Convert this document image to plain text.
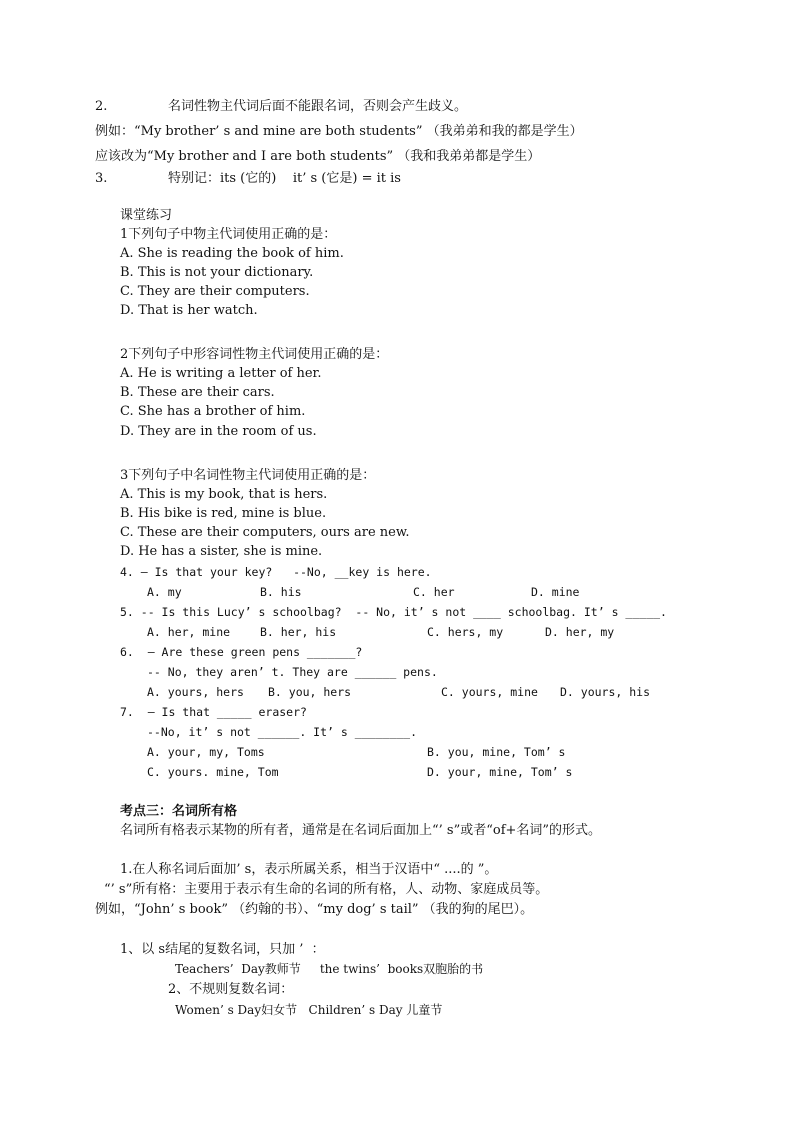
2.	名词性物主代词后面不能跟名词，否则会产生歧义。
例如：“My brother’ s and mine are both students” （我弟弟和我的都是学生）
应该改为“My brother and I are both students” （我和我弟弟都是学生）
3.	特别记：its (它的)    it’ s (它是) = it is
课堂练习
1下列句子中物主代词使用正确的是：
A. She is reading the book of him.
B. This is not your dictionary.
C. They are their computers.
D. That is her watch.
2下列句子中形容词性物主代词使用正确的是：
A. He is writing a letter of her.
B. These are their cars.
C. She has a brother of him.
D. They are in the room of us.
3下列句子中名词性物主代词使用正确的是：
A. This is my book, that is hers.
B. His bike is red, mine is blue.
C. These are their computers, ours are new.
D. He has a sister, she is mine.
4. — Is that your key?   --No, __key is here.
A. my	B. his	C. her	D. mine
5. -- Is this Lucy’ s schoolbag?  -- No, it’ s not ____ schoolbag. It’ s _____.
A. her, mine	B. her, his	C. hers, my	D. her, my
6.  – Are these green pens _______?
-- No, they aren’ t. They are ______ pens.
A. yours, hers B. you, hers	C. yours, mine D. yours, his
7.  – Is that _____ eraser?
--No, it’ s not ______. It’ s ________.
A. your, my, Toms	B. you, mine, Tom’ s
C. yours. mine, Tom	D. your, mine, Tom’ s
考点三：名词所有格
名词所有格表示某物的所有者，通常是在名词后面加上“’ s”或者“of+名词”的形式。
1.在人称名词后面加’ s，表示所属关系，相当于汉语中“ ....的 ”。
“’ s”所有格：主要用于表示有生命的名词的所有格，人、动物、家庭成员等。
例如，“John’ s book” （约翰的书）、“my dog’ s tail” （我的狗的尾巴）。
1、以 s结尾的复数名词，只加 ’  ：
Teachers’  Day教师节     the twins’  books双胞胎的书
2、不规则复数名词：
Women’ s Day妇女节   Children’ s Day 儿童节
